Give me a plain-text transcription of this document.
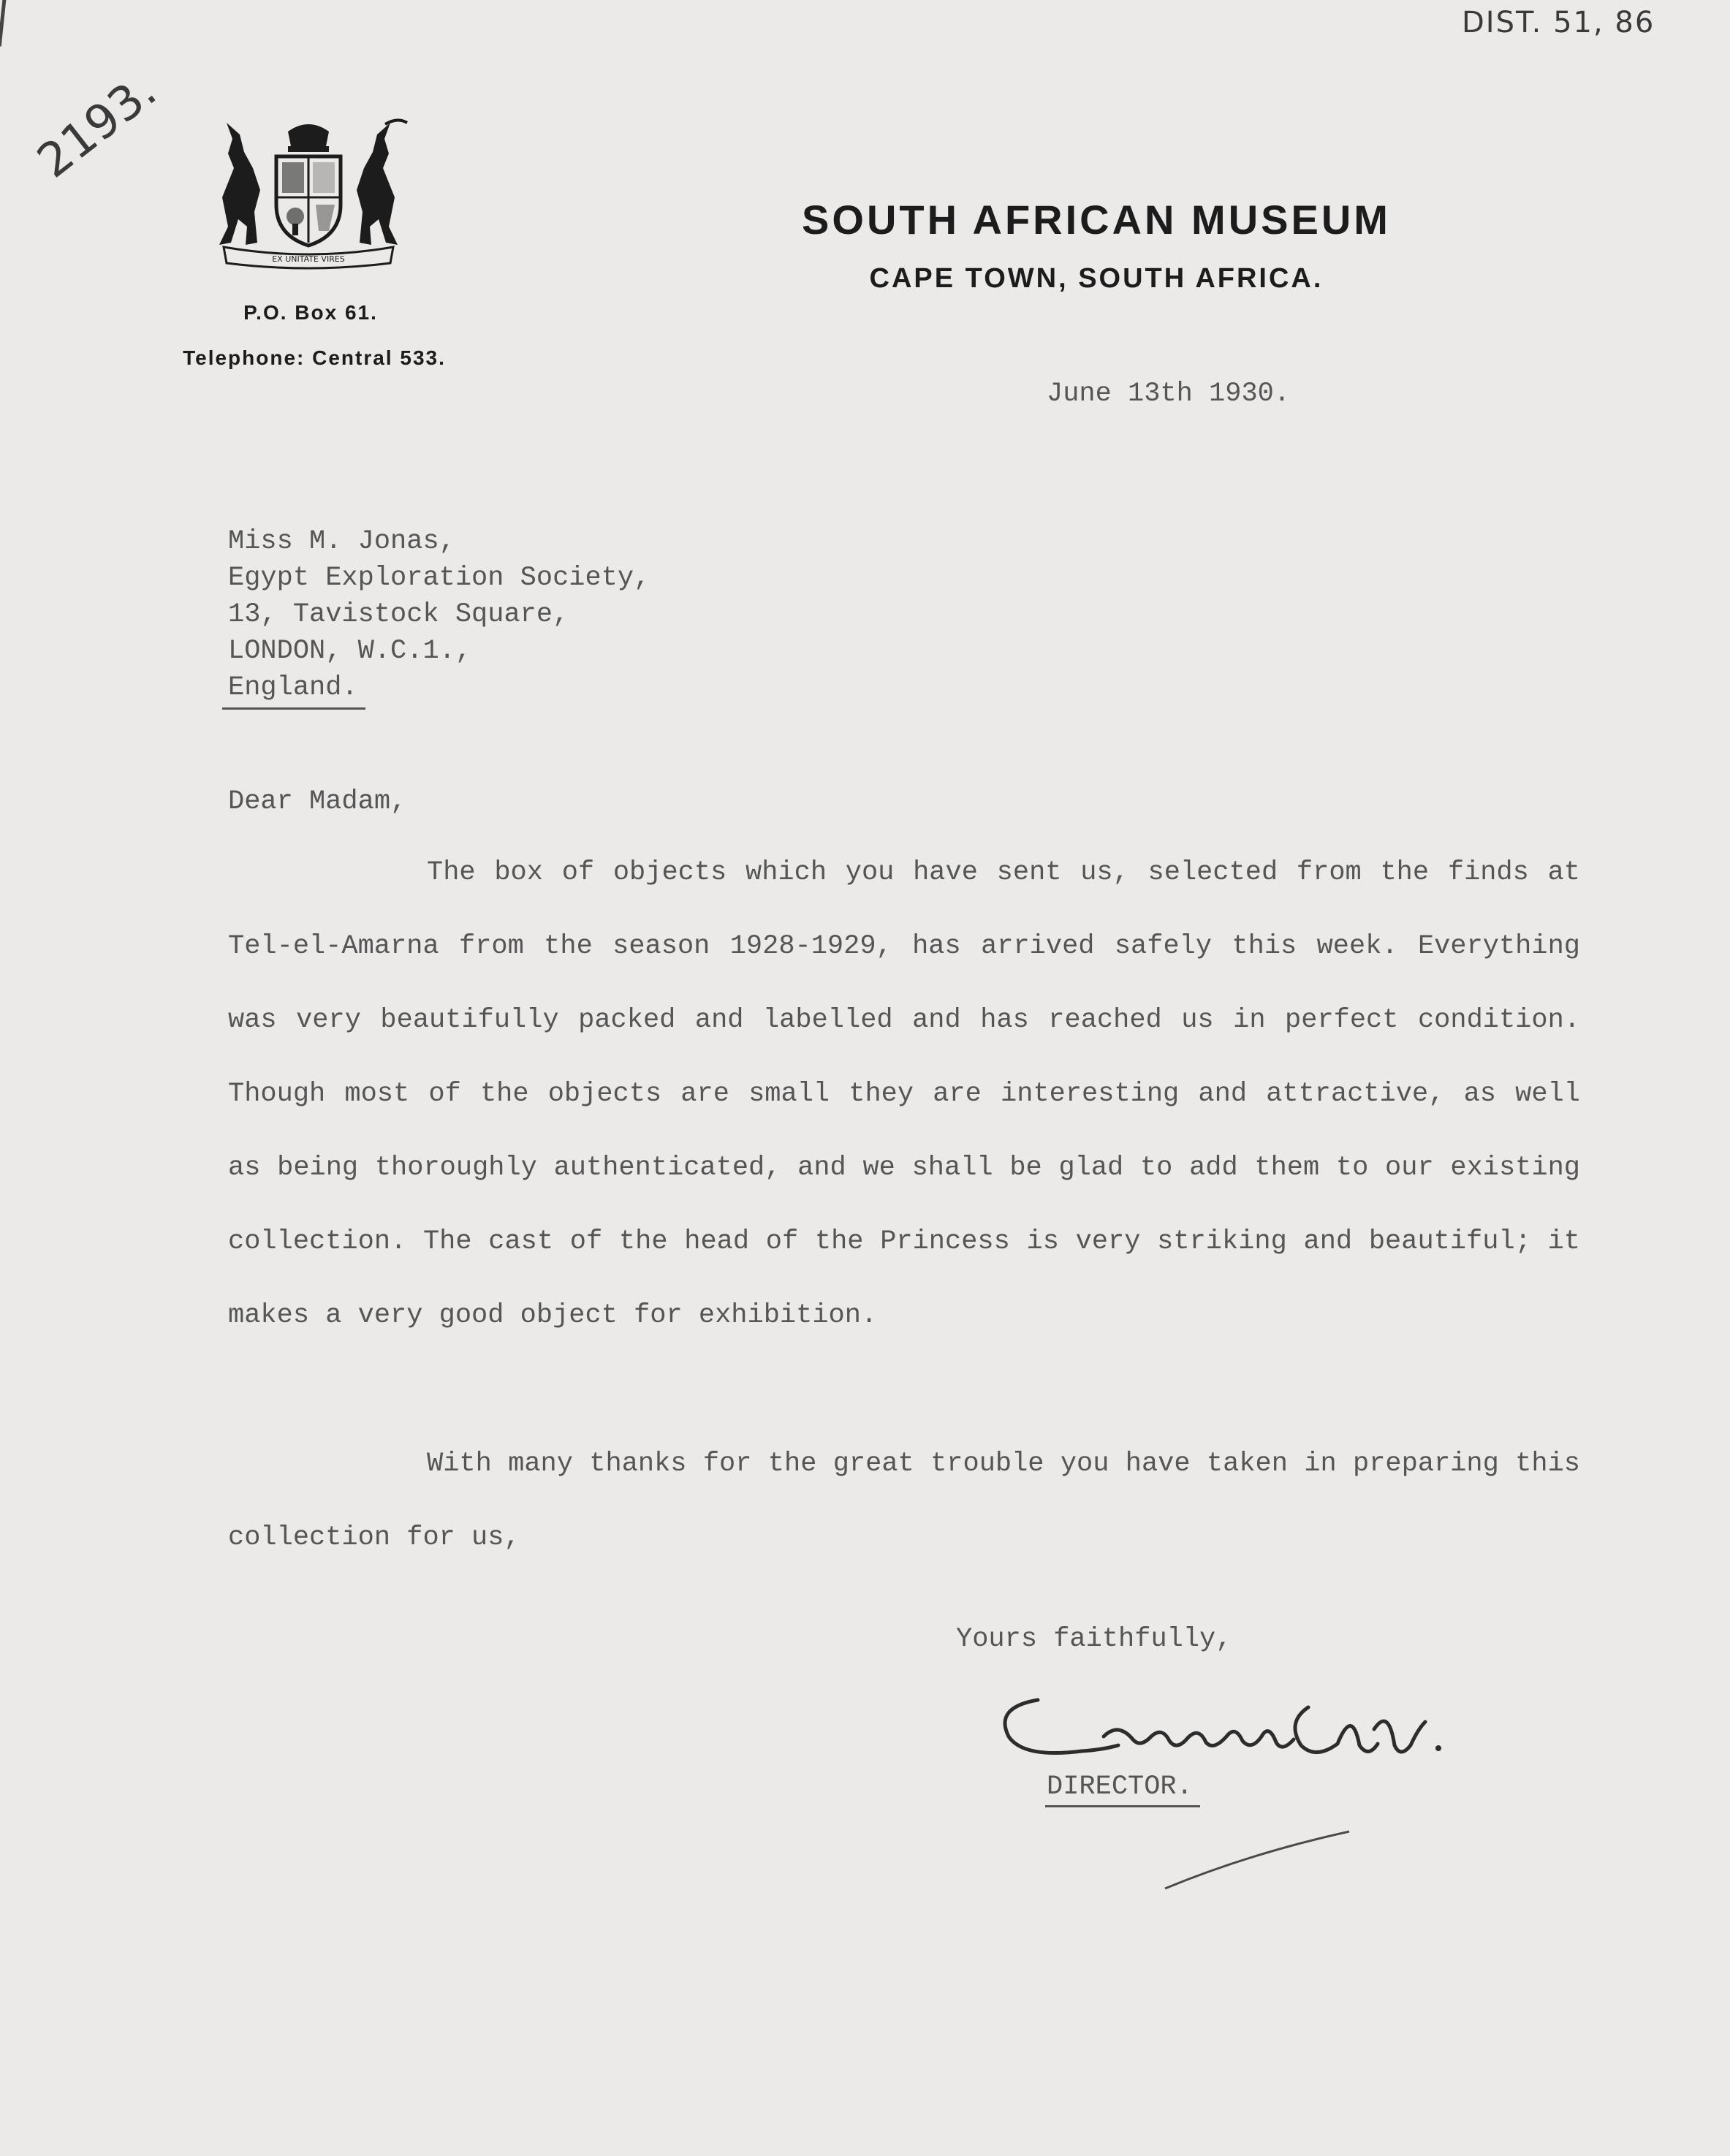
DIST. 51, 86
2193.
EX UNITATE VIRES
SOUTH AFRICAN MUSEUM
CAPE TOWN, SOUTH AFRICA.
P.O. Box 61.
Telephone: Central 533.
June 13th 1930.
Miss M. Jonas,
Egypt Exploration Society,
13, Tavistock Square,
LONDON, W.C.1.,
England.
Dear Madam,
The box of objects which you have sent us, selected from the finds at Tel-el-Amarna from the season 1928-1929, has arrived safely this week. Everything was very beautifully packed and labelled and has reached us in perfect condition. Though most of the objects are small they are interesting and attractive, as well as being thoroughly authenticated, and we shall be glad to add them to our existing collection. The cast of the head of the Princess is very striking and beautiful; it makes a very good object for exhibition.
With many thanks for the great trouble you have taken in preparing this collection for us,
Yours faithfully,
DIRECTOR.
